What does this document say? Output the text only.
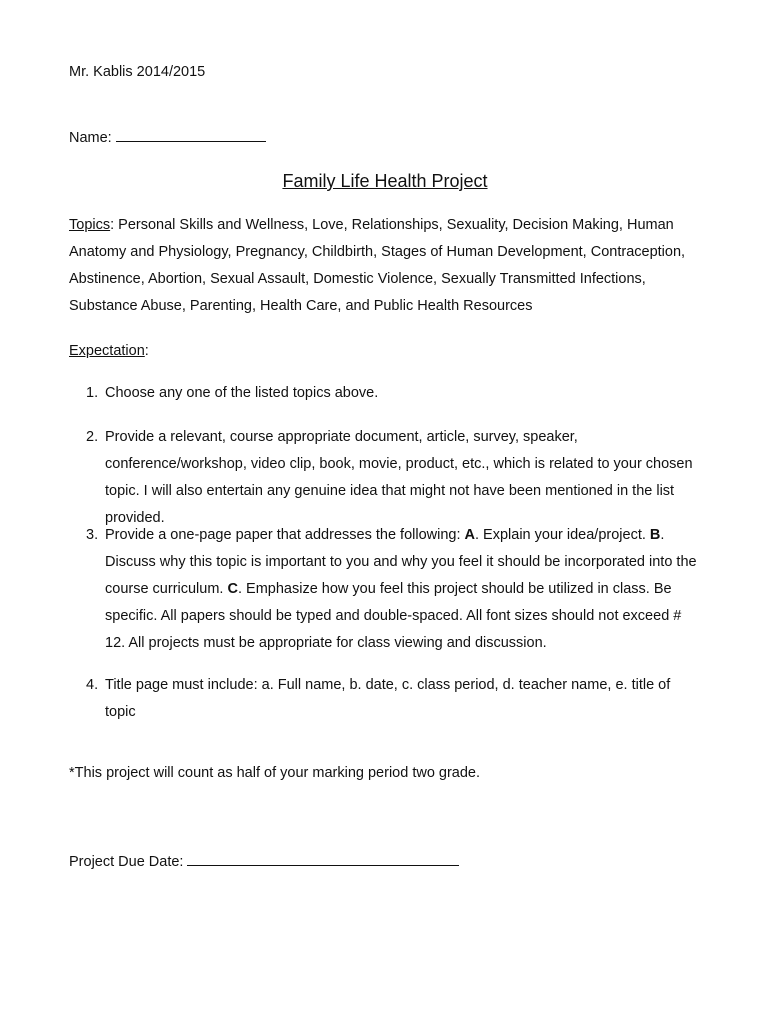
Mr. Kablis 2014/2015
Name:
Family Life Health Project
Topics: Personal Skills and Wellness, Love, Relationships, Sexuality, Decision Making, Human Anatomy and Physiology, Pregnancy, Childbirth, Stages of Human Development, Contraception, Abstinence, Abortion, Sexual Assault, Domestic Violence, Sexually Transmitted Infections, Substance Abuse, Parenting, Health Care, and Public Health Resources
Expectation:
1. Choose any one of the listed topics above.
2. Provide a relevant, course appropriate document, article, survey, speaker, conference/workshop, video clip, book, movie, product, etc., which is related to your chosen topic. I will also entertain any genuine idea that might not have been mentioned in the list provided.
3. Provide a one-page paper that addresses the following: A. Explain your idea/project. B. Discuss why this topic is important to you and why you feel it should be incorporated into the course curriculum. C. Emphasize how you feel this project should be utilized in class. Be specific. All papers should be typed and double-spaced. All font sizes should not exceed # 12. All projects must be appropriate for class viewing and discussion.
4. Title page must include: a. Full name, b. date, c. class period, d. teacher name, e. title of topic
*This project will count as half of your marking period two grade.
Project Due Date:
